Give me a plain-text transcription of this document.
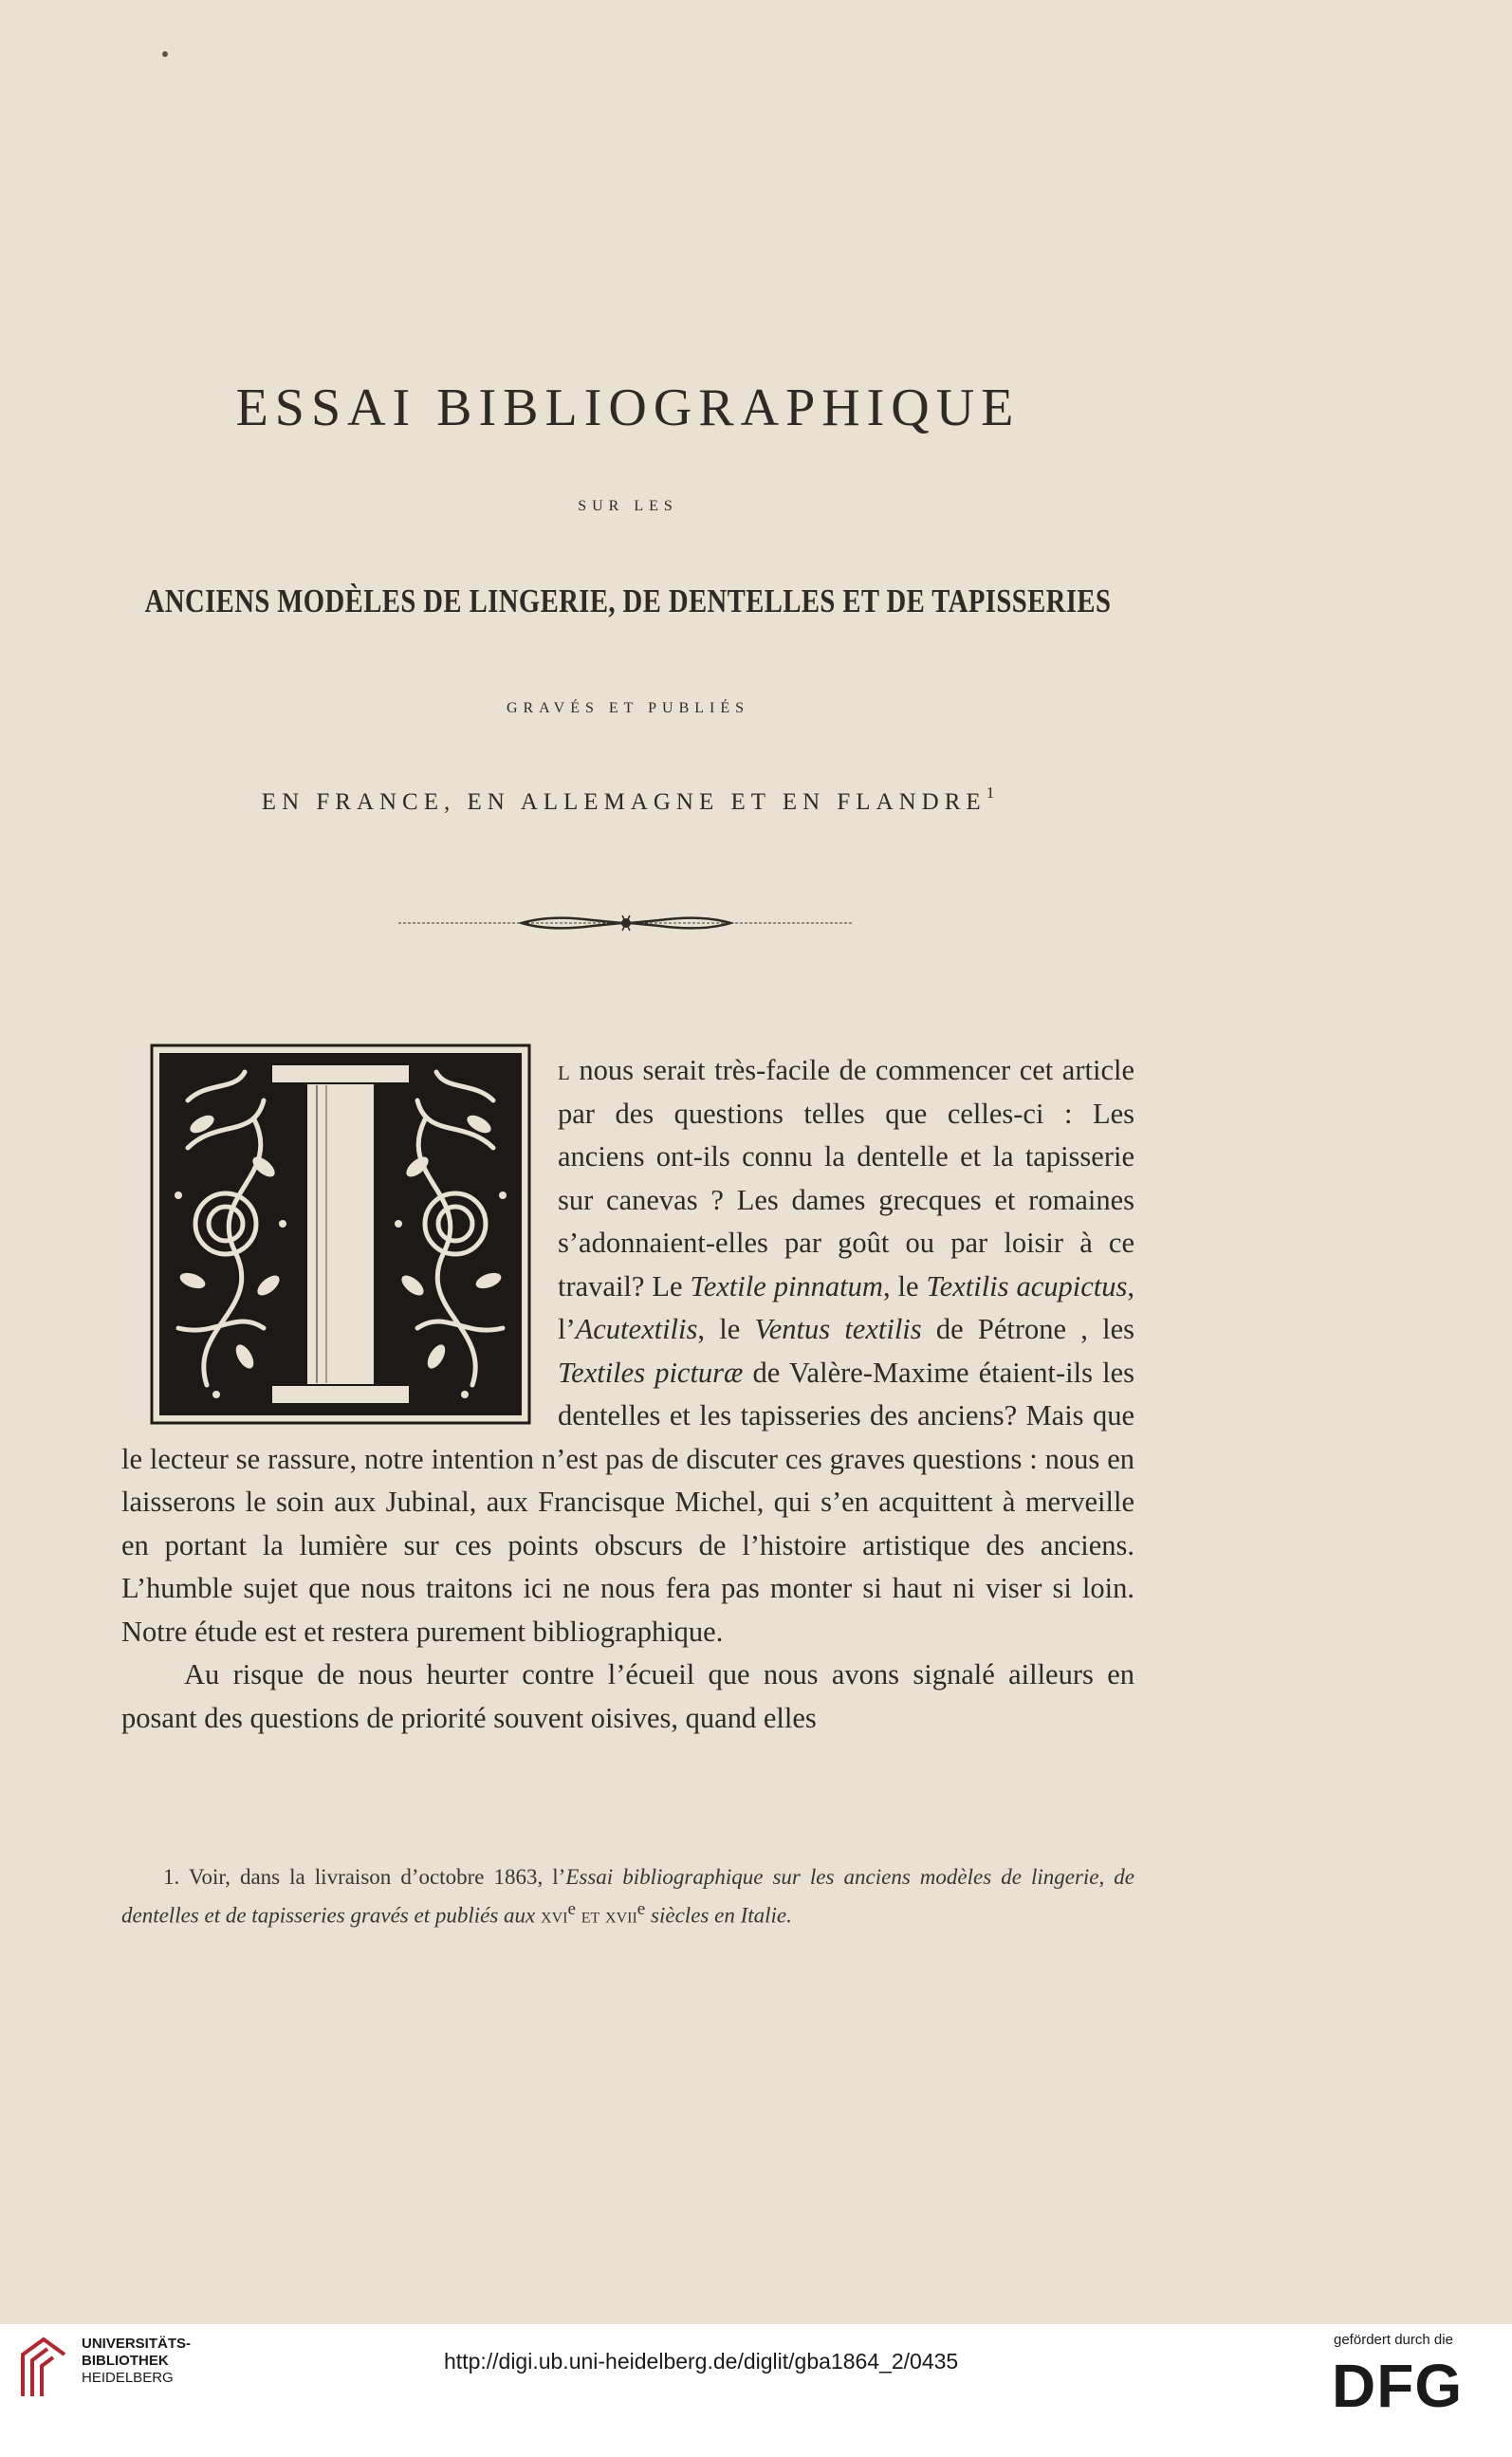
ESSAI BIBLIOGRAPHIQUE
SUR LES
ANCIENS MODÈLES DE LINGERIE, DE DENTELLES ET DE TAPISSERIES
GRAVÉS ET PUBLIÉS
EN FRANCE, EN ALLEMAGNE ET EN FLANDRE$^1$

l nous serait très-facile de commencer cet article par des questions telles que celles-ci : Les anciens ont-ils connu la dentelle et la tapisserie sur canevas ? Les dames grecques et romaines s’adonnaient-elles par goût ou par loisir à ce travail? Le Textile pinnatum, le Textilis acupictus, l’Acutextilis, le Ventus textilis de Pétrone , les Textiles picturæ de Valère-Maxime étaient-ils les dentelles et les tapisseries des anciens? Mais que le lecteur se rassure, notre intention n’est pas de discuter ces graves questions : nous en laisserons le soin aux Jubinal, aux Francisque Michel, qui s’en acquittent à merveille en portant la lumière sur ces points obscurs de l’histoire artistique des anciens. L’humble sujet que nous traitons ici ne nous fera pas monter si haut ni viser si loin. Notre étude est et restera purement bibliographique.

Au risque de nous heurter contre l’écueil que nous avons signalé ailleurs en posant des questions de priorité souvent oisives, quand elles

1. Voir, dans la livraison d’octobre 1863, l’Essai bibliographique sur les anciens modèles de lingerie, de dentelles et de tapisseries gravés et publiés aux xvi$^e$ et xvii$^e$ siècles en Italie.
UNIVERSITÄTS-
BIBLIOTHEK
HEIDELBERG
http://digi.ub.uni-heidelberg.de/diglit/gba1864_2/0435
gefördert durch die
DFG
